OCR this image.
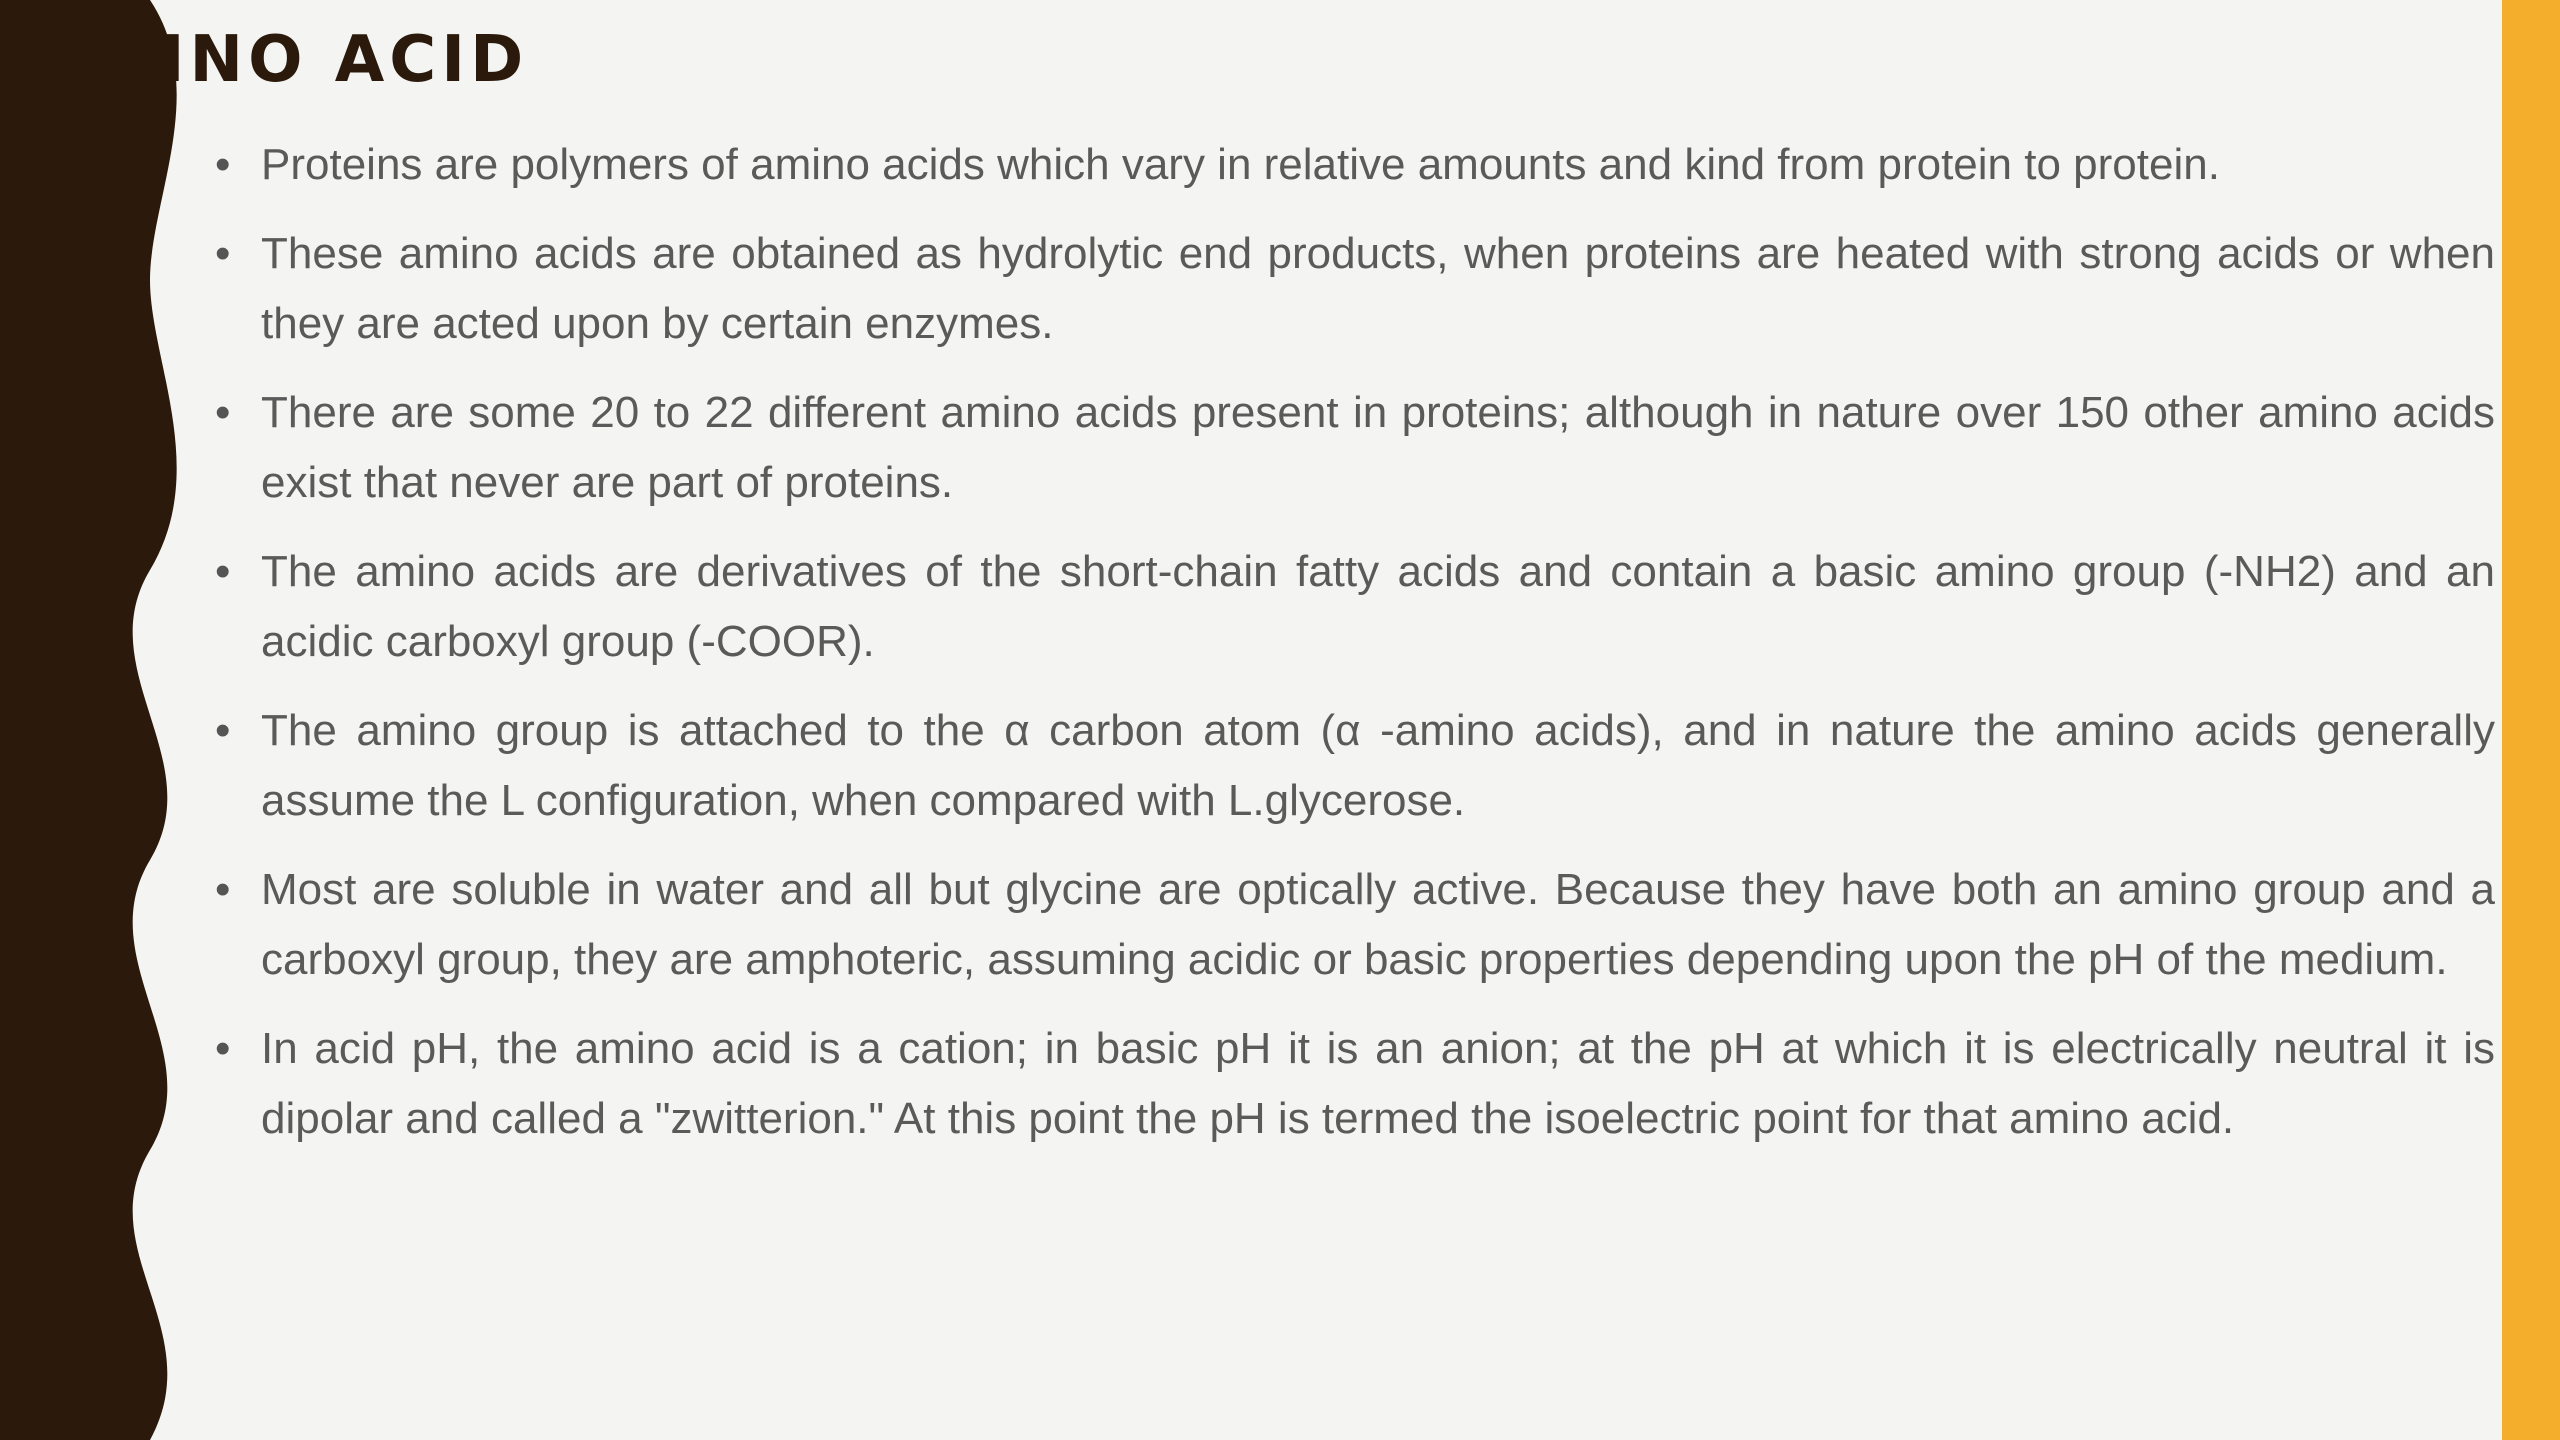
MINO ACID
• Proteins are polymers of amino acids which vary in relative amounts and kind from protein to protein.
• These amino acids are obtained as hydrolytic end products, when proteins are heated with strong acids or when they are acted upon by certain enzymes.
• There are some 20 to 22 different amino acids present in proteins; although in nature over 150 other amino acids exist that never are part of proteins.
• The amino acids are derivatives of the short-chain fatty acids and contain a basic amino group (-NH2) and an acidic carboxyl group (-COOR).
• The amino group is attached to the α carbon atom (α -amino acids), and in nature the amino acids generally assume the L configuration, when compared with L.glycerose.
• Most are soluble in water and all but glycine are optically active. Because they have both an amino group and a carboxyl group, they are amphoteric, assuming acidic or basic properties depending upon the pH of the medium.
• In acid pH, the amino acid is a cation; in basic pH it is an anion; at the pH at which it is electrically neutral it is dipolar and called a "zwitterion." At this point the pH is termed the isoelectric point for that amino acid.
